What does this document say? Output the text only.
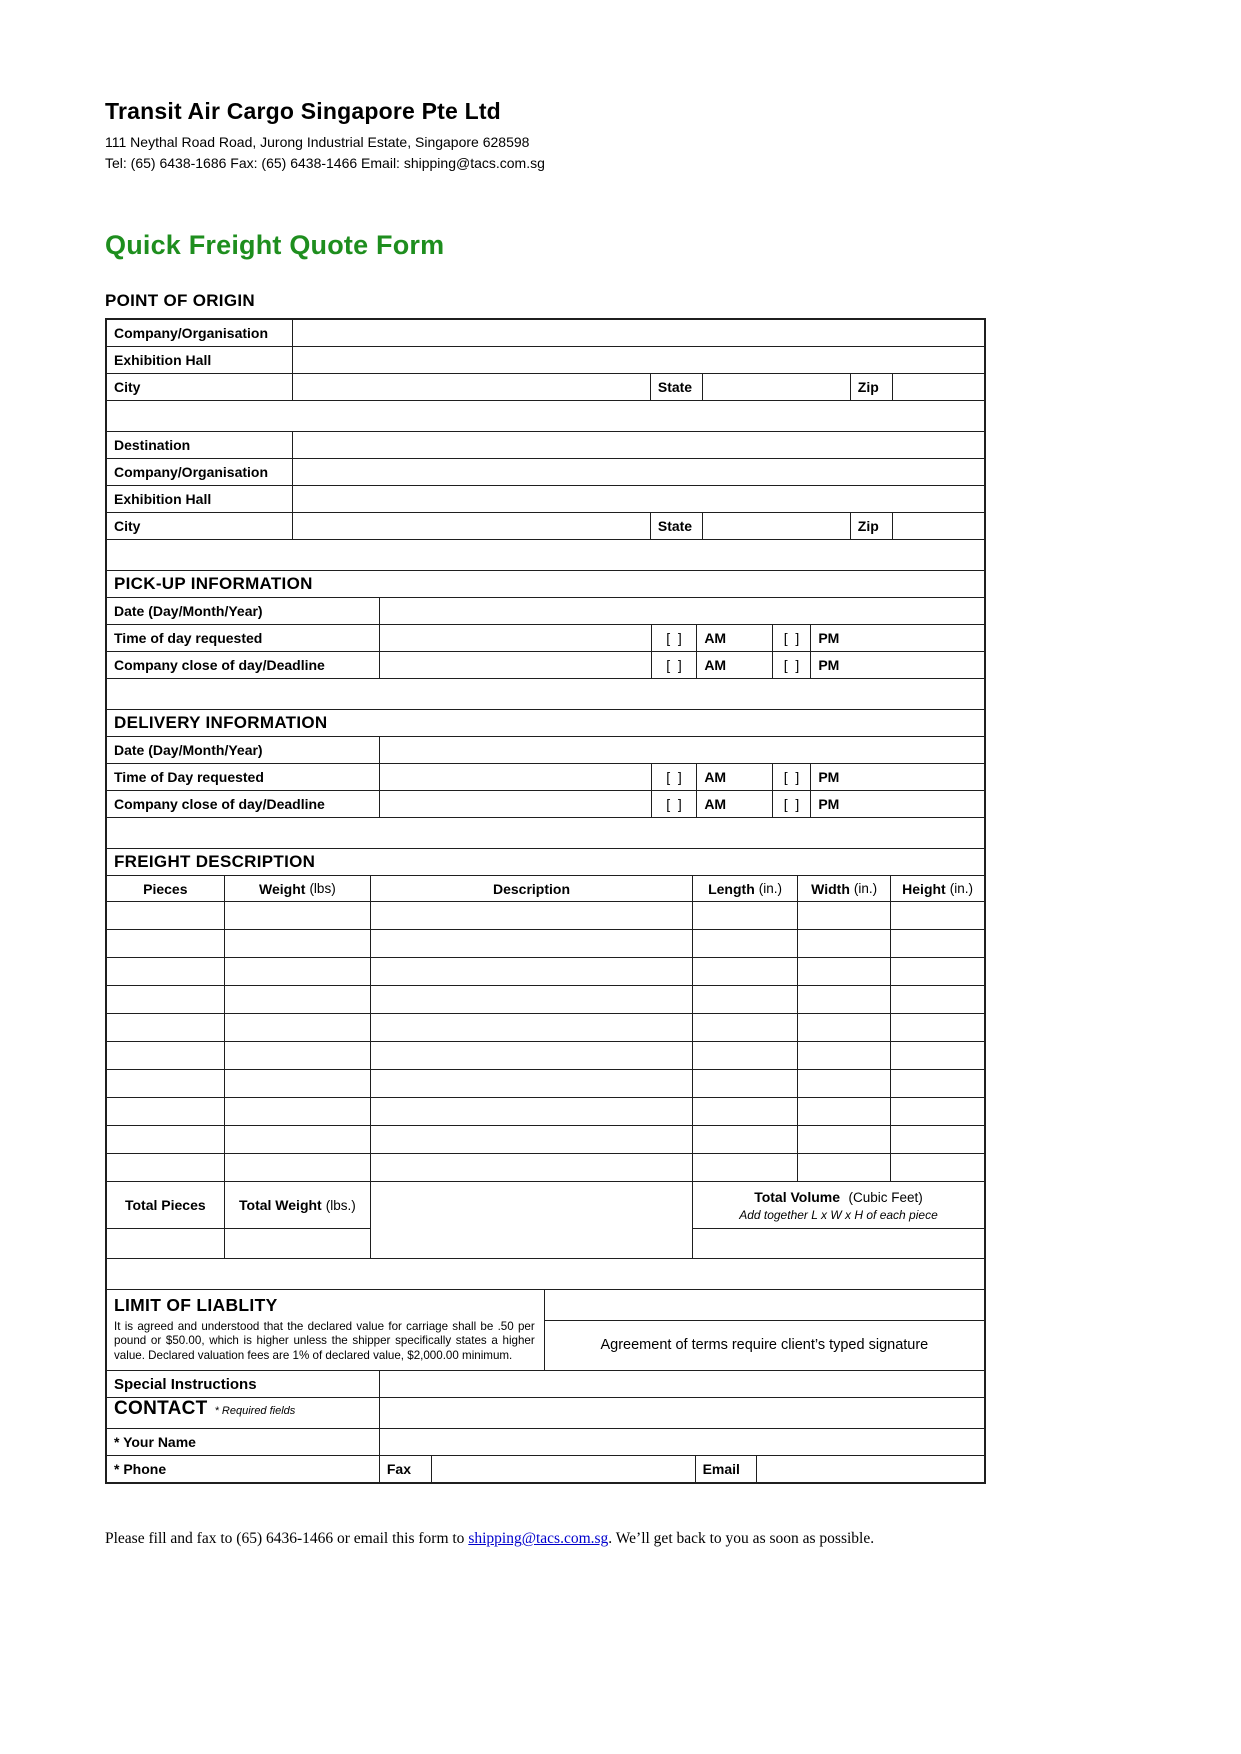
Transit Air Cargo Singapore Pte Ltd
111 Neythal Road Road, Jurong Industrial Estate, Singapore 628598
Tel: (65) 6438-1686 Fax: (65) 6438-1466 Email: shipping@tacs.com.sg
Quick Freight Quote Form
POINT OF ORIGIN
Company/Organisation
Exhibition Hall
City	State	Zip
Destination
Company/Organisation
Exhibition Hall
City	State	Zip
PICK-UP INFORMATION
Date (Day/Month/Year)
Time of day requested	[  ]	AM	[  ]	PM
Company close of day/Deadline	[  ]	AM	[  ]	PM
DELIVERY INFORMATION
Date (Day/Month/Year)
Time of Day requested	[  ]	AM	[  ]	PM
Company close of day/Deadline	[  ]	AM	[  ]	PM
FREIGHT DESCRIPTION
Pieces	Weight (lbs)	Description	Length (in.) Width (in.) Height (in.)
Total Pieces	Total Weight (lbs.)
Total Volume (Cubic Feet)
Add together L x W x H of each piece
LIMIT OF LIABLITY

It is agreed and understood that the declared value for carriage shall be .50 per pound or $50.00, which is higher unless the shipper specifically states a higher value. Declared valuation fees are 1% of declared value, $2,000.00 minimum.

Agreement of terms require client’s typed signature
Special Instructions
CONTACT * Required fields
* Your Name
* Phone	Fax	Email

Please fill and fax to (65) 6436-1466 or email this form to shipping@tacs.com.sg. We’ll get back to you as soon as possible.
